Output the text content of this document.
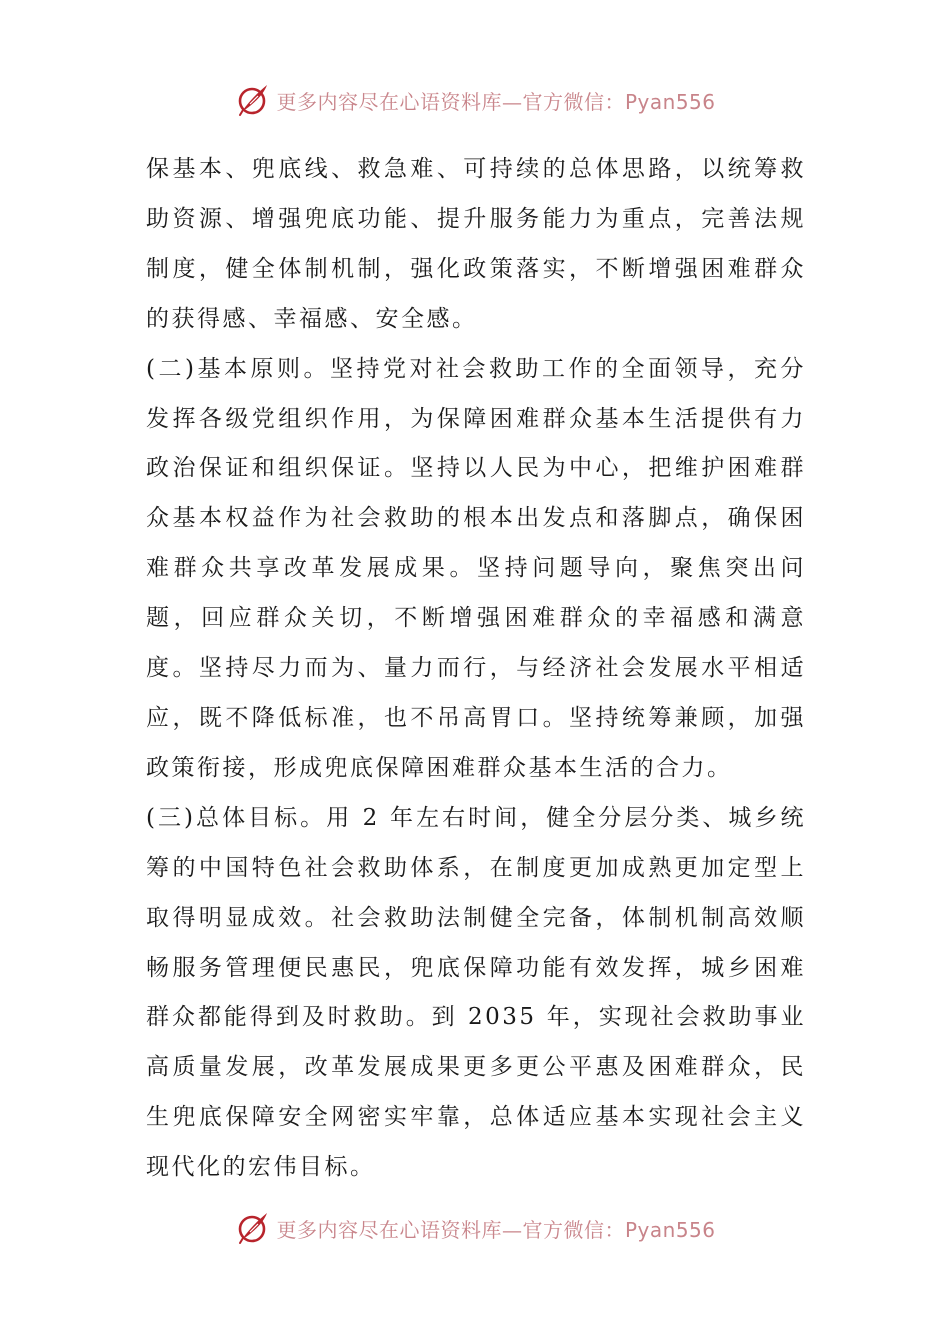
更多内容尽在心语资料库—官方微信：Pyan556

保基本、兜底线、救急难、可持续的总体思路，以统筹救助资源、增强兜底功能、提升服务能力为重点，完善法规制度，健全体制机制，强化政策落实，不断增强困难群众的获得感、幸福感、安全感。

(二)基本原则。坚持党对社会救助工作的全面领导，充分发挥各级党组织作用，为保障困难群众基本生活提供有力政治保证和组织保证。坚持以人民为中心，把维护困难群众基本权益作为社会救助的根本出发点和落脚点，确保困难群众共享改革发展成果。坚持问题导向，聚焦突出问题，回应群众关切，不断增强困难群众的幸福感和满意度。坚持尽力而为、量力而行，与经济社会发展水平相适应，既不降低标准，也不吊高胃口。坚持统筹兼顾，加强政策衔接，形成兜底保障困难群众基本生活的合力。

(三)总体目标。用 2 年左右时间，健全分层分类、城乡统筹的中国特色社会救助体系，在制度更加成熟更加定型上取得明显成效。社会救助法制健全完备，体制机制高效顺畅服务管理便民惠民，兜底保障功能有效发挥，城乡困难群众都能得到及时救助。到 2035 年，实现社会救助事业高质量发展，改革发展成果更多更公平惠及困难群众，民生兜底保障安全网密实牢靠，总体适应基本实现社会主义现代化的宏伟目标。

更多内容尽在心语资料库—官方微信：Pyan556
